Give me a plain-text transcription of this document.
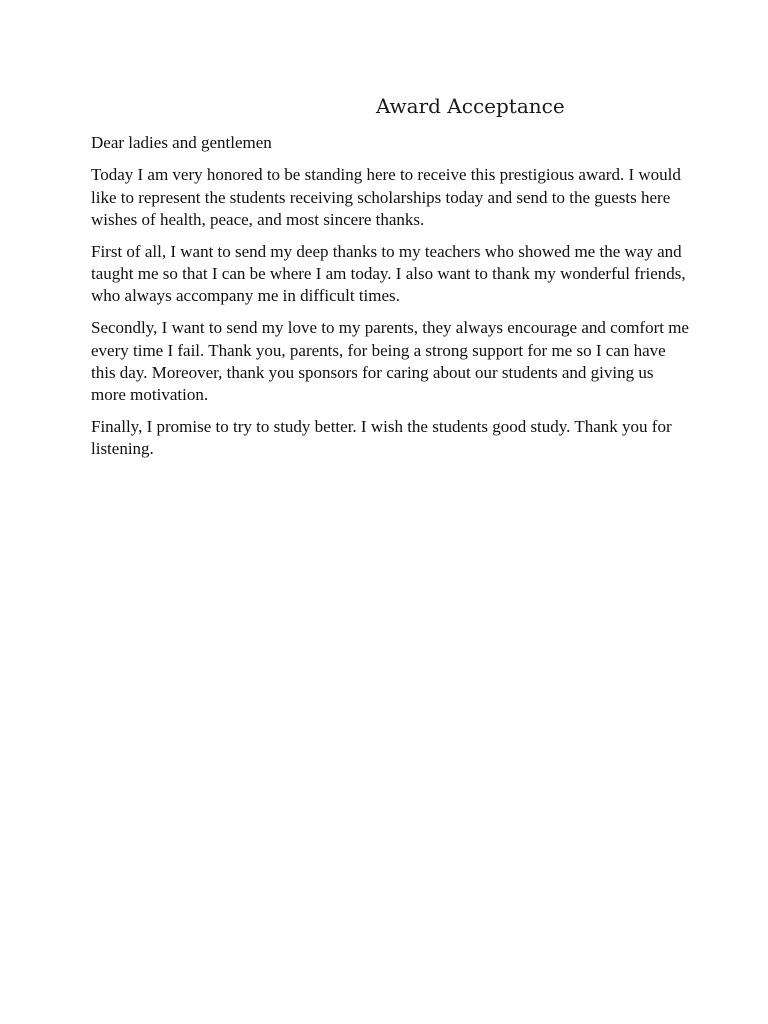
Award Acceptance

Dear ladies and gentlemen

Today I am very honored to be standing here to receive this prestigious award. I would like to represent the students receiving scholarships today and send to the guests here wishes of health, peace, and most sincere thanks.

First of all, I want to send my deep thanks to my teachers who showed me the way and taught me so that I can be where I am today. I also want to thank my wonderful friends, who always accompany me in difficult times.

Secondly, I want to send my love to my parents, they always encourage and comfort me every time I fail. Thank you, parents, for being a strong support for me so I can have this day. Moreover, thank you sponsors for caring about our students and giving us more motivation.

Finally, I promise to try to study better. I wish the students good study. Thank you for listening.
